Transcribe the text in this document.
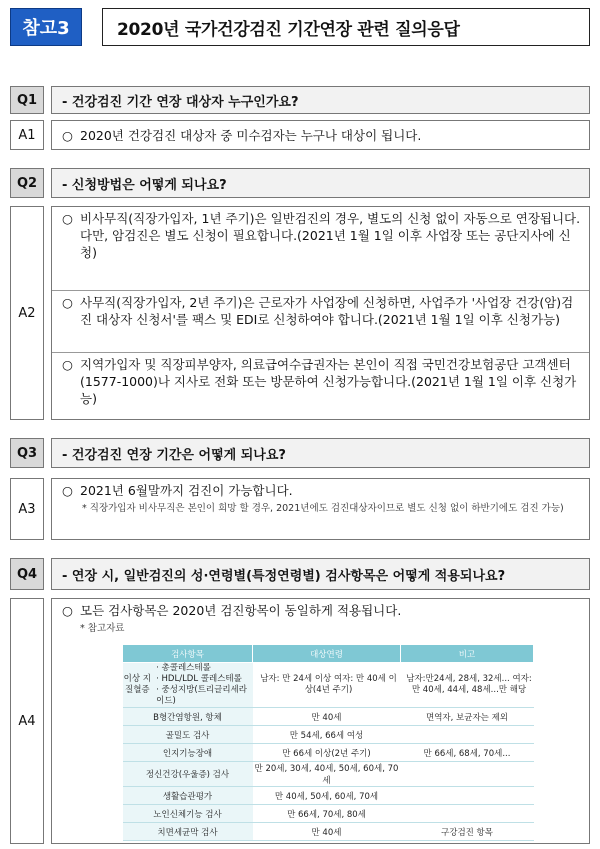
참고3	2020년 국가건강검진 기간연장 관련 질의응답
Q1	- 건강검진 기간 연장 대상자 누구인가요?
A1	○ 2020년 건강검진 대상자 중 미수검자는 누구나 대상이 됩니다.
Q2	- 신청방법은 어떻게 되나요?
A2
○ 비사무직(직장가입자, 1년 주기)은 일반검진의 경우, 별도의 신청 없이 자동으로 연장됩니다. 다만, 암검진은 별도 신청이 필요합니다.(2021년 1월 1일 이후 사업장 또는 공단지사에 신청)
○ 사무직(직장가입자, 2년 주기)은 근로자가 사업장에 신청하면, 사업주가 '사업장 건강(암)검진 대상자 신청서'를 팩스 및 EDI로 신청하여야 합니다.(2021년 1월 1일 이후 신청가능)
○ 지역가입자 및 직장피부양자, 의료급여수급권자는 본인이 직접 국민건강보험공단 고객센터(1577-1000)나 지사로 전화 또는 방문하여 신청가능합니다.(2021년 1월 1일 이후 신청가능)
Q3	- 건강검진 연장 기간은 어떻게 되나요?
A3
○ 2021년 6월말까지 검진이 가능합니다.
* 직장가입자 비사무직은 본인이 희망 할 경우, 2021년에도 검진대상자이므로 별도 신청 없이 하반기에도 검진 가능)
Q4	- 연장 시, 일반검진의 성·연령별(특정연령별) 검사항목은 어떻게 적용되나요?
A4
○ 모든 검사항목은 2020년 검진항목이 동일하게 적용됩니다.
* 참고자료
검사항목	대상연령	비고

이상 지질혈증
· 총콜레스테롤
· HDL/LDL 콜레스테롤
· 중성지방(트리글리세라이드)	남자: 만 24세 이상 여자: 만 40세 이상(4년 주기)	남자:만24세, 28세, 32세... 여자: 만 40세, 44세, 48세...만 해당
B형간염항원, 항체	만 40세	면역자, 보균자는 제외
골밀도 검사	만 54세, 66세 여성	
인지기능장애	만 66세 이상(2년 주기)	만 66세, 68세, 70세...
정신건강(우울증) 검사	만 20세, 30세, 40세, 50세, 60세, 70세	
생활습관평가	만 40세, 50세, 60세, 70세	
노인신체기능 검사	만 66세, 70세, 80세	
치면세균막 검사	만 40세	구강검진 항목
